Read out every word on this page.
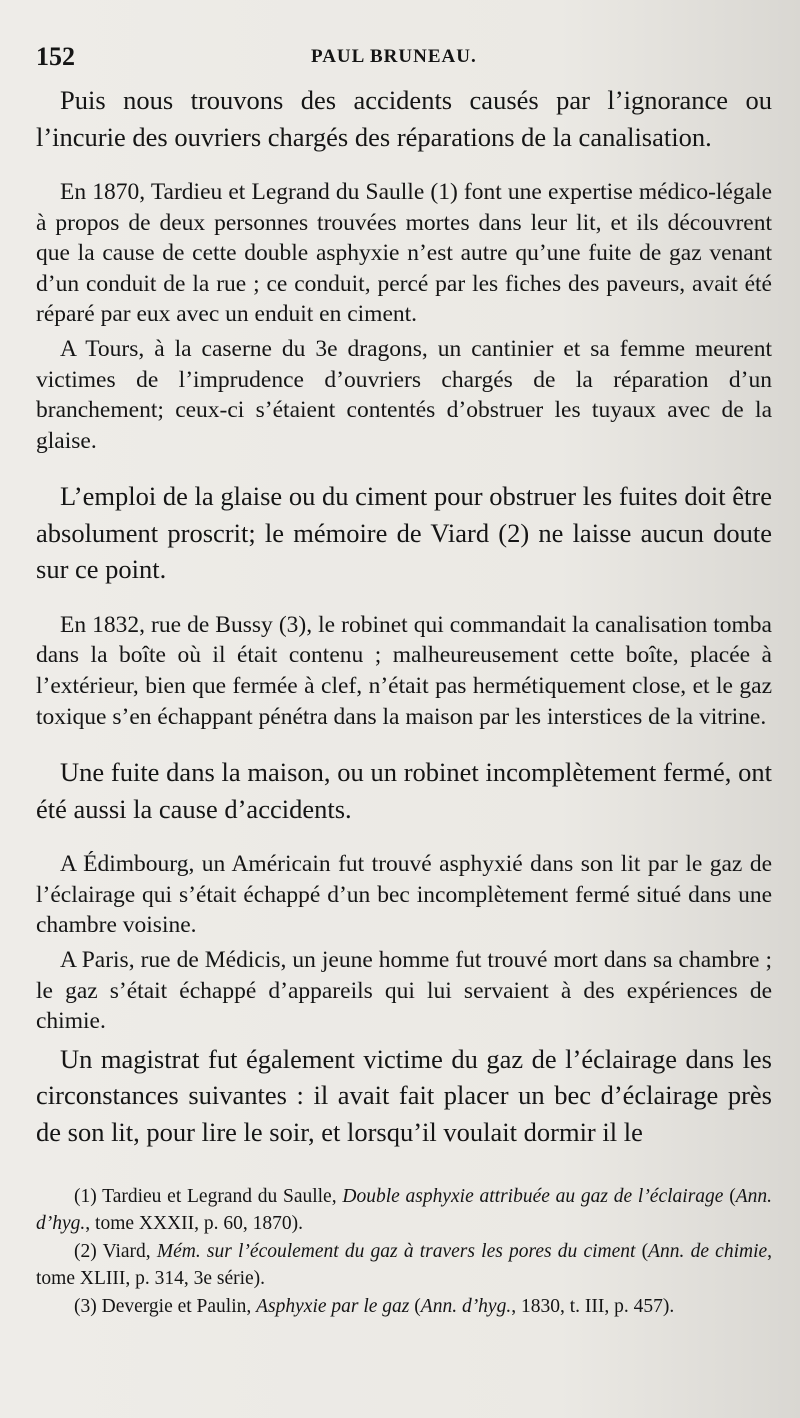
152	PAUL BRUNEAU.

Puis nous trouvons des accidents causés par l’ignorance ou l’incurie des ouvriers chargés des réparations de la canalisation.

En 1870, Tardieu et Legrand du Saulle (1) font une expertise médico-légale à propos de deux personnes trouvées mortes dans leur lit, et ils découvrent que la cause de cette double asphyxie n’est autre qu’une fuite de gaz venant d’un conduit de la rue ; ce conduit, percé par les fiches des paveurs, avait été réparé par eux avec un enduit en ciment.

A Tours, à la caserne du 3e dragons, un cantinier et sa femme meurent victimes de l’imprudence d’ouvriers chargés de la réparation d’un branchement; ceux-ci s’étaient contentés d’obstruer les tuyaux avec de la glaise.

L’emploi de la glaise ou du ciment pour obstruer les fuites doit être absolument proscrit; le mémoire de Viard (2) ne laisse aucun doute sur ce point.

En 1832, rue de Bussy (3), le robinet qui commandait la canalisation tomba dans la boîte où il était contenu ; malheureusement cette boîte, placée à l’extérieur, bien que fermée à clef, n’était pas hermétiquement close, et le gaz toxique s’en échappant pénétra dans la maison par les interstices de la vitrine.

Une fuite dans la maison, ou un robinet incomplètement fermé, ont été aussi la cause d’accidents.

A Édimbourg, un Américain fut trouvé asphyxié dans son lit par le gaz de l’éclairage qui s’était échappé d’un bec incomplètement fermé situé dans une chambre voisine.

A Paris, rue de Médicis, un jeune homme fut trouvé mort dans sa chambre ; le gaz s’était échappé d’appareils qui lui servaient à des expériences de chimie.

Un magistrat fut également victime du gaz de l’éclairage dans les circonstances suivantes : il avait fait placer un bec d’éclairage près de son lit, pour lire le soir, et lorsqu’il voulait dormir il le

(1) Tardieu et Legrand du Saulle, Double asphyxie attribuée au gaz de l’éclairage (Ann. d’hyg., tome XXXII, p. 60, 1870).

(2) Viard, Mém. sur l’écoulement du gaz à travers les pores du ciment (Ann. de chimie, tome XLIII, p. 314, 3e série).

(3) Devergie et Paulin, Asphyxie par le gaz (Ann. d’hyg., 1830, t. III, p. 457).
